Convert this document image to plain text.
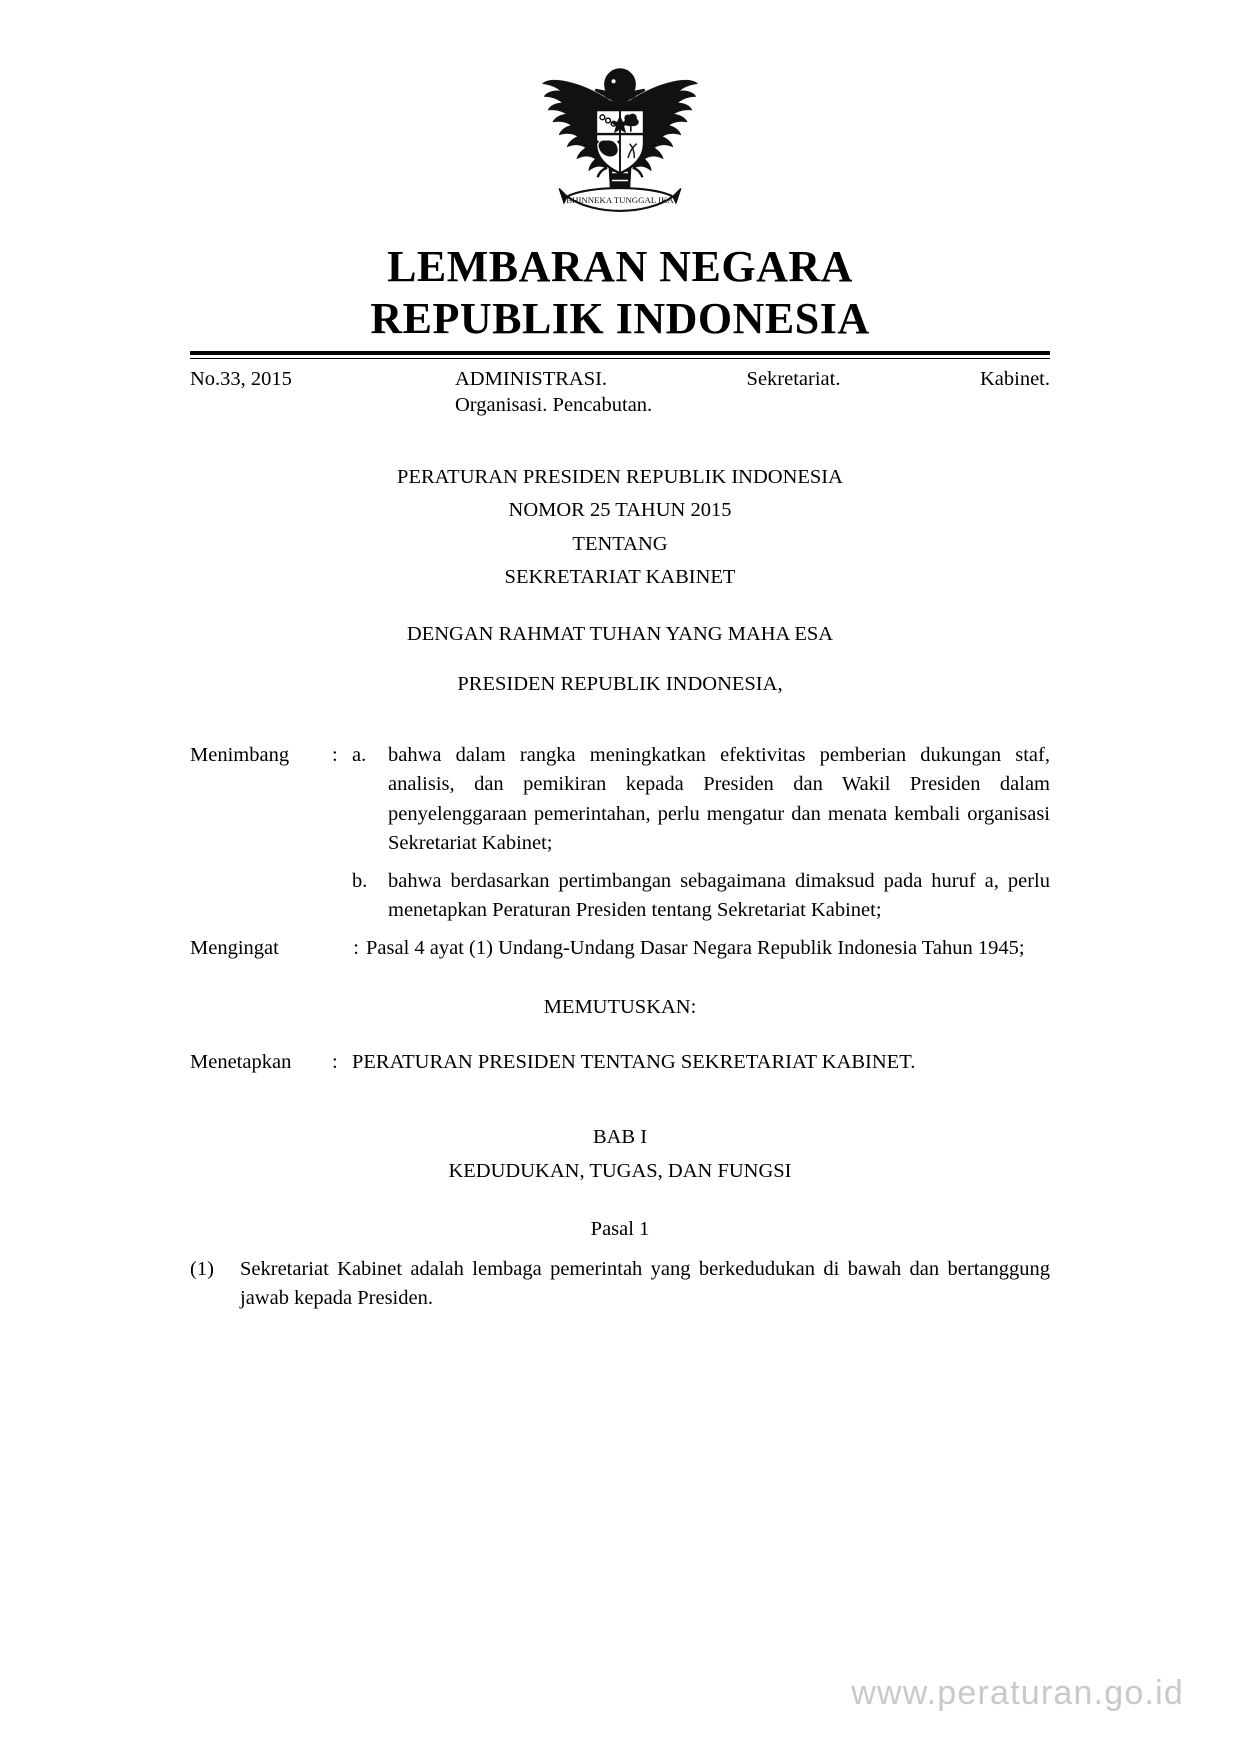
BHINNEKA TUNGGAL IKA
LEMBARAN NEGARA
REPUBLIK INDONESIA
No.33, 2015	ADMINISTRASI. Sekretariat. Kabinet.
Organisasi. Pencabutan.
PERATURAN PRESIDEN REPUBLIK INDONESIA
NOMOR 25 TAHUN 2015
TENTANG
SEKRETARIAT KABINET
DENGAN RAHMAT TUHAN YANG MAHA ESA
PRESIDEN REPUBLIK INDONESIA,
Menimbang	: a.	bahwa dalam rangka meningkatkan efektivitas pemberian dukungan staf, analisis, dan pemikiran kepada Presiden dan Wakil Presiden dalam penyelenggaraan pemerintahan, perlu mengatur dan menata kembali organisasi Sekretariat Kabinet;
b.	bahwa berdasarkan pertimbangan sebagaimana dimaksud pada huruf a, perlu menetapkan Peraturan Presiden tentang Sekretariat Kabinet;
Mengingat	: Pasal 4 ayat (1) Undang-Undang Dasar Negara Republik Indonesia Tahun 1945;
MEMUTUSKAN:
Menetapkan	: PERATURAN PRESIDEN TENTANG SEKRETARIAT KABINET.
BAB I
KEDUDUKAN, TUGAS, DAN FUNGSI
Pasal 1
(1)	Sekretariat Kabinet adalah lembaga pemerintah yang berkedudukan di bawah dan bertanggung jawab kepada Presiden.
www.peraturan.go.id
